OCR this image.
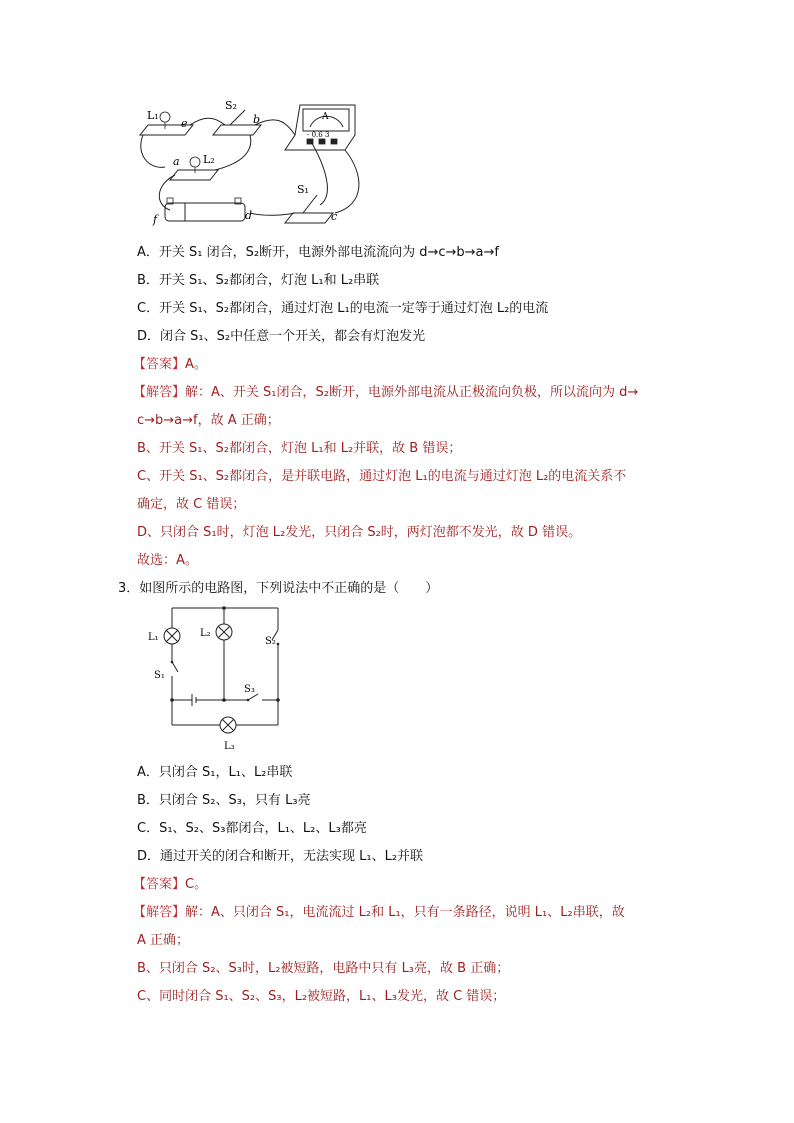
L₁
e
S₂
b
a L₂
f	d
S₁
c
A
- 0.6 3
A．开关 S₁ 闭合，S₂断开，电源外部电流流向为 d→c→b→a→f
B．开关 S₁、S₂都闭合，灯泡 L₁和 L₂串联
C．开关 S₁、S₂都闭合，通过灯泡 L₁的电流一定等于通过灯泡 L₂的电流
D．闭合 S₁、S₂中任意一个开关，都会有灯泡发光
【答案】A。
【解答】解：A、开关 S₁闭合，S₂断开，电源外部电流从正极流向负极，所以流向为 d→
c→b→a→f，故 A 正确；
B、开关 S₁、S₂都闭合，灯泡 L₁和 L₂并联，故 B 错误；
C、开关 S₁、S₂都闭合，是并联电路，通过灯泡 L₁的电流与通过灯泡 L₂的电流关系不
确定，故 C 错误；
D、只闭合 S₁时，灯泡 L₂发光，只闭合 S₂时，两灯泡都不发光，故 D 错误。
故选：A。
3．如图所示的电路图，下列说法中不正确的是（　　）
L₁	L₂
S₂
S₁
S₃
L₃
A．只闭合 S₁，L₁、L₂串联
B．只闭合 S₂、S₃，只有 L₃亮
C．S₁、S₂、S₃都闭合，L₁、L₂、L₃都亮
D．通过开关的闭合和断开，无法实现 L₁、L₂并联
【答案】C。
【解答】解：A、只闭合 S₁，电流流过 L₂和 L₁，只有一条路径，说明 L₁、L₂串联，故
A 正确；
B、只闭合 S₂、S₃时，L₂被短路，电路中只有 L₃亮，故 B 正确；
C、同时闭合 S₁、S₂、S₃，L₂被短路，L₁、L₃发光，故 C 错误；
